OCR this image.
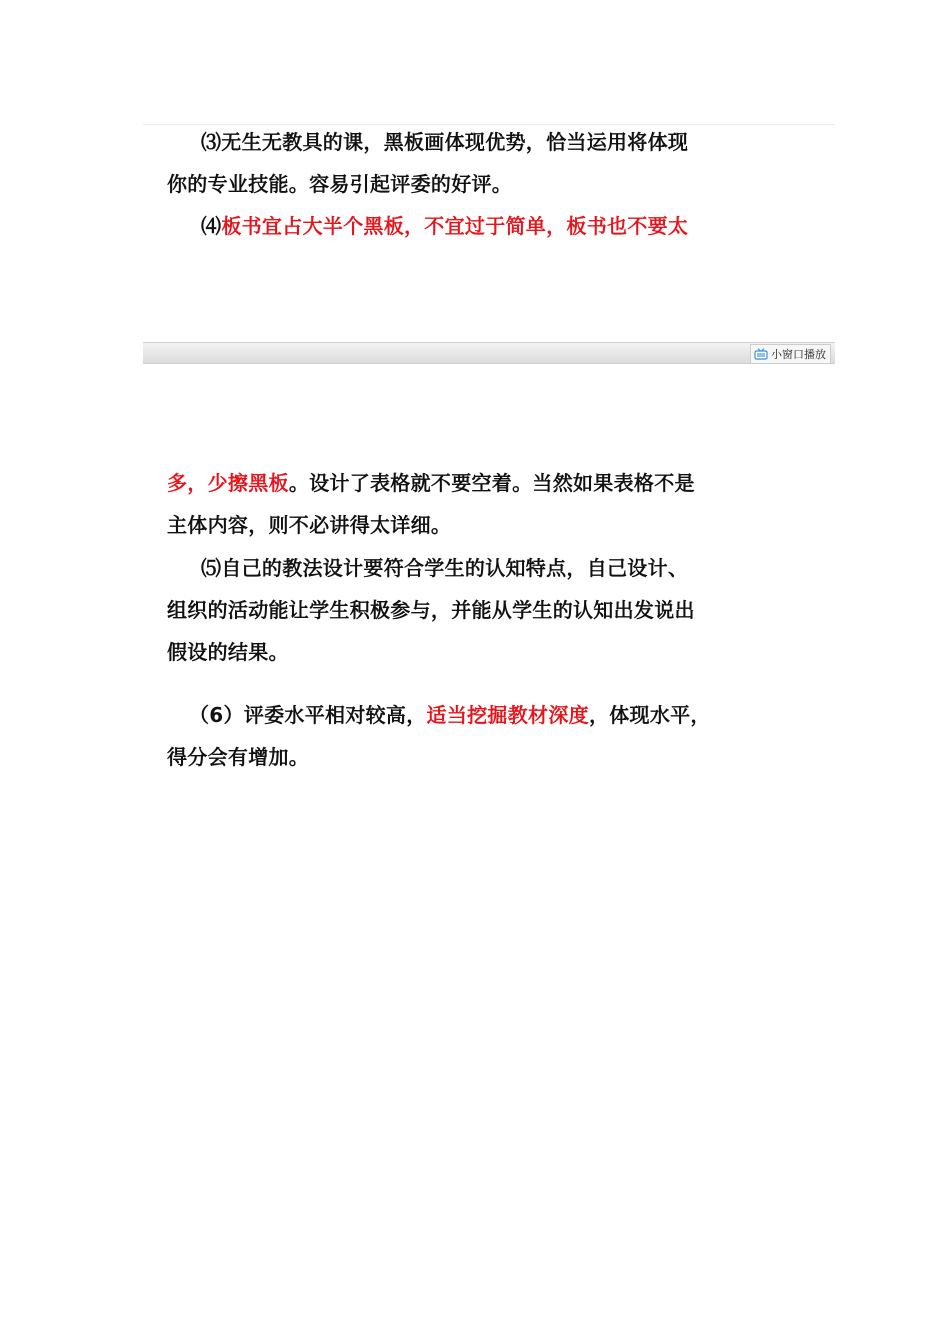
⑶无生无教具的课，黑板画体现优势，恰当运用将体现
你的专业技能。容易引起评委的好评。

⑷板书宜占大半个黑板，不宜过于简单，板书也不要太

小窗口播放

多，少擦黑板。设计了表格就不要空着。当然如果表格不是
主体内容，则不必讲得太详细。

⑸自己的教法设计要符合学生的认知特点，自己设计、
组织的活动能让学生积极参与，并能从学生的认知出发说出
假设的结果。

（6）评委水平相对较高，适当挖掘教材深度，体现水平，
得分会有增加。
